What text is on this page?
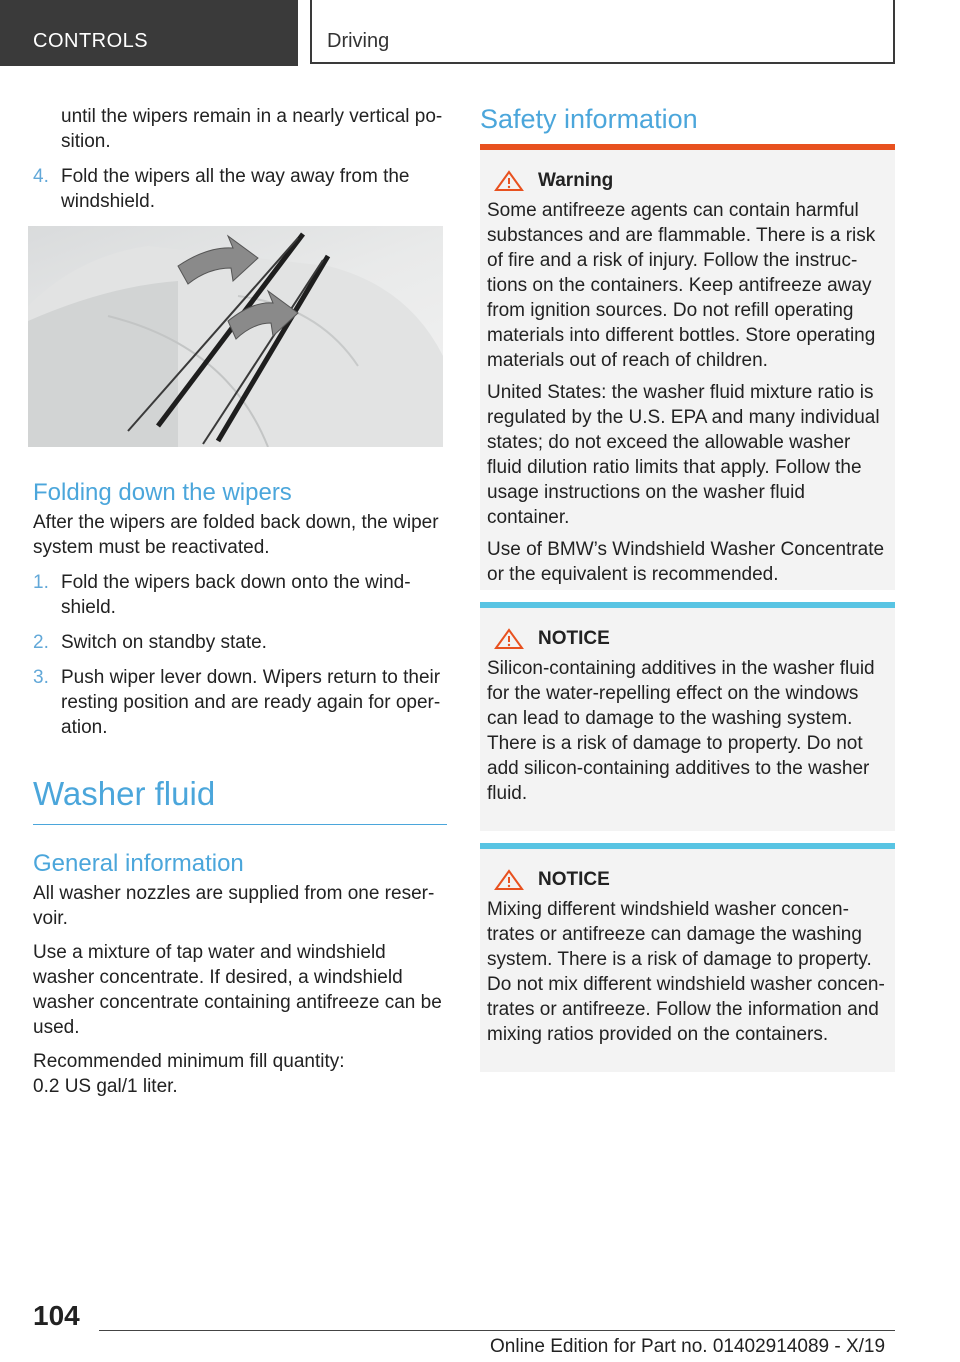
CONTROLS	Driving

until the wipers remain in a nearly vertical po‐ sition.

4. Fold the wipers all the way away from the windshield.
Folding down the wipers

After the wipers are folded back down, the wiper system must be reactivated.

1. Fold the wipers back down onto the wind‐ shield.
2. Switch on standby state.
3. Push wiper lever down. Wipers return to their resting position and are ready again for oper‐ ation.
Washer fluid
General information

All washer nozzles are supplied from one reser‐ voir.

Use a mixture of tap water and windshield washer concentrate. If desired, a windshield washer concentrate containing antifreeze can be used.

Recommended minimum fill quantity:

0.2 US gal/1 liter.

Safety information
Warning

Some antifreeze agents can contain harmful substances and are flammable. There is a risk of fire and a risk of injury. Follow the instruc‐ tions on the containers. Keep antifreeze away from ignition sources. Do not refill operating materials into different bottles. Store operating materials out of reach of children.

United States: the washer fluid mixture ratio is regulated by the U.S. EPA and many individual states; do not exceed the allowable washer fluid dilution ratio limits that apply. Follow the usage instructions on the washer fluid container.

Use of BMW’s Windshield Washer Concentrate or the equivalent is recommended.

NOTICE

Silicon-containing additives in the washer fluid for the water-repelling effect on the windows can lead to damage to the washing system. There is a risk of damage to property. Do not add silicon-containing additives to the washer fluid.

NOTICE

Mixing different windshield washer concen‐ trates or antifreeze can damage the washing system. There is a risk of damage to property. Do not mix different windshield washer concen‐ trates or antifreeze. Follow the information and mixing ratios provided on the containers.

104
Online Edition for Part no. 01402914089 - X/19
